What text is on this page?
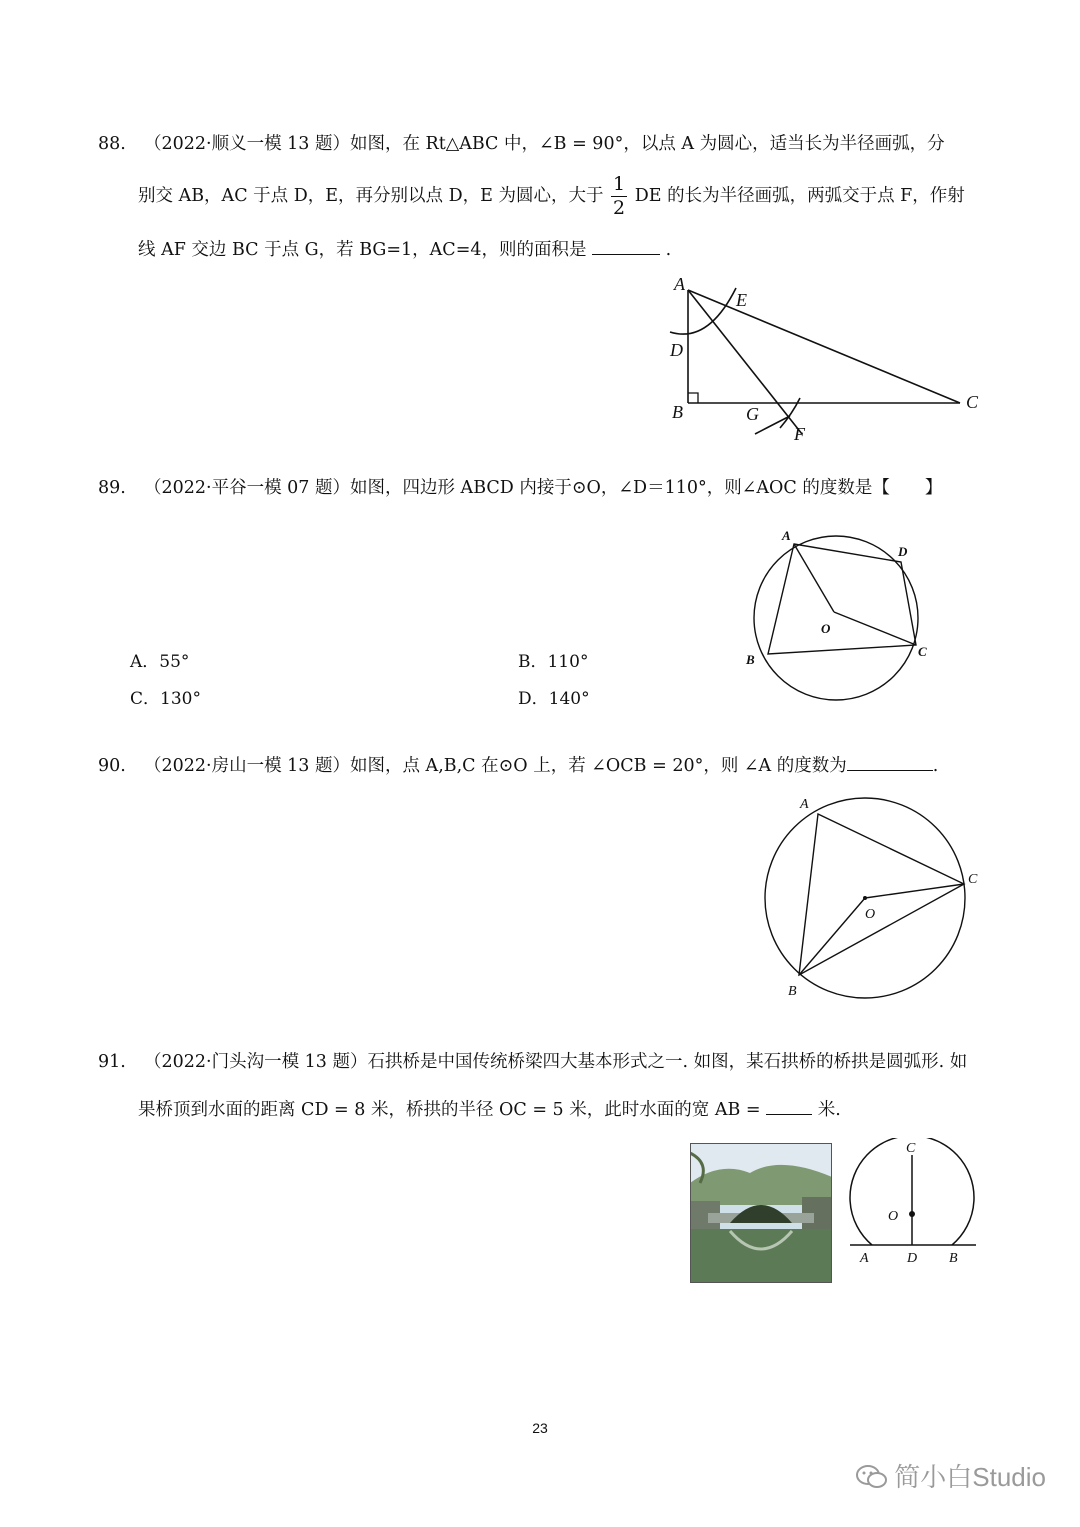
88. （2022·顺义一模 13 题）如图，在 Rt△ABC 中，∠B = 90°，以点 A 为圆心，适当长为半径画弧，分
别交 AB，AC 于点 D，E，再分别以点 D，E 为圆心，大于 $\frac{1}{2}$ DE 的长为半径画弧，两弧交于点 F，作射
线 AF 交边 BC 于点 G，若 BG=1，AC=4，则的面积是	.
A
E
D
B	G
F
C
89. （2022·平谷一模 07 题）如图，四边形 ABCD 内接于⊙O，∠D＝110°，则∠AOC 的度数是【　　】
A．55°	B．110°
C．130°	D．140°
A
D
O
C
B
90. （2022·房山一模 13 题）如图，点 A,B,C 在⊙O 上，若 ∠OCB = 20°，则 ∠A 的度数为	.
A
C
O
B
91. （2022·门头沟一模 13 题）石拱桥是中国传统桥梁四大基本形式之一. 如图，某石拱桥的桥拱是圆弧形. 如
果桥顶到水面的距离 CD = 8 米，桥拱的半径 OC = 5 米，此时水面的宽 AB =	米.
C
O
A	D B
23
简小白Studio
